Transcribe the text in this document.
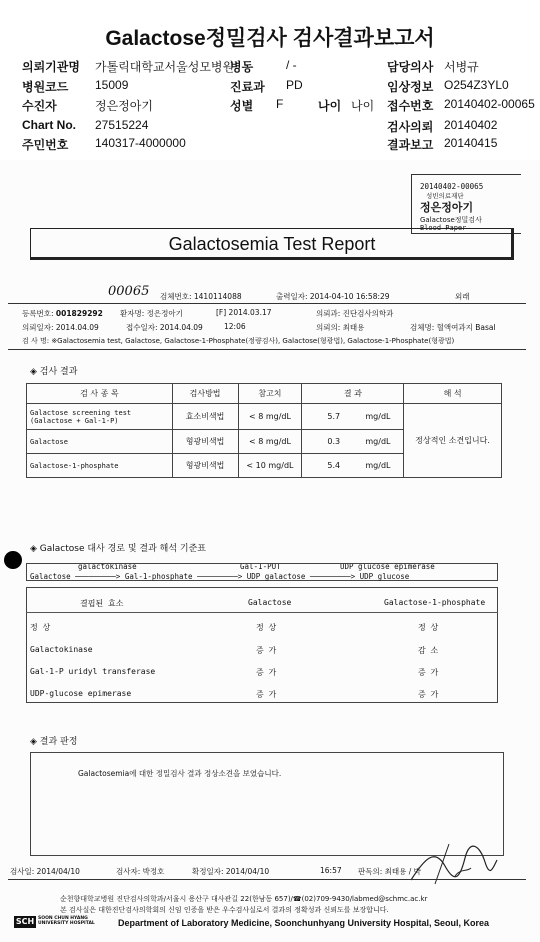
Galactose정밀검사 검사결과보고서
의뢰기관명 가톨릭대학교서울성모병원
병동	/ -	담당의사 서병규
병원코드 15009	진료과 PD	임상정보 O254Z3YL0
수진자	정은정아기	성별 F	나이 나이 접수번호 20140402-00065
Chart No. 27515224	검사의뢰 20140402
주민번호 140317-4000000	결과보고 20140415
20140402-00065
성빈의료재단
정은정아기
Galactose정밀검사
Blood Paper
Galactosemia Test Report
00065 검체번호: 1410114088	출력일자: 2014-04-10 16:58:29	외래
등록번호: 001829292 환자명: 정은정아기	[F] 2014.03.17	의뢰과: 진단검사의학과
의뢰일자: 2014.04.09	접수일자: 2014.04.09	12:06	의뢰의: 최태용	검체명: 혈액여과지 Basal
검 사 명: ※Galactosemia test, Galactose, Galactose-1-Phosphate(정량검사), Galactose(형광법), Galactose-1-Phosphate(형광법)
◈ 검사 결과
검 사 종 목	검사방법	참고치	결 과	해 석
Galactose screening test
(Galactose + Gal-1-P)	효소비색법	< 8 mg/dL	5.7 mg/dL	정상적인 소견입니다.
Galactose	형광비색법	< 8 mg/dL	0.3 mg/dL	
Galactose-1-phosphate	형광비색법	< 10 mg/dL	5.4 mg/dL	
◈ Galactose 대사 경로 및 결과 해석 기준표
galactokinase	Gal-1-PUT	UDP glucose epimerase
Galactose ─────────> Gal-1-phosphate ─────────> UDP galactose ─────────> UDP glucose
결핍된 효소	Galactose	Galactose-1-phosphate
정 상	정 상	정 상
Galactokinase	증 가	감 소
Gal-1-P uridyl transferase	증 가	증 가
UDP-glucose epimerase	증 가	증 가
◈ 결과 판정
Galactosemia에 대한 정밀검사 결과 정상소견을 보였습니다.
검사일: 2014/04/10	검사자: 박정호	확정일자: 2014/04/10	16:57 판독의: 최태용 / 박
순천향대학교병원 진단검사의학과/서울시 용산구 대사관길 22(한남동 657)/☎(02)709-9430/labmed@schmc.ac.kr
본 검사실은 대한진단검사의학회의 신임 인증을 받은 우수검사실로서 결과의 정확성과 신뢰도를 보장합니다.
SCH SOON CHUN HYANG
UNIVERSITY HOSPITAL	Department of Laboratory Medicine, Soonchunhyang University Hospital, Seoul, Korea
